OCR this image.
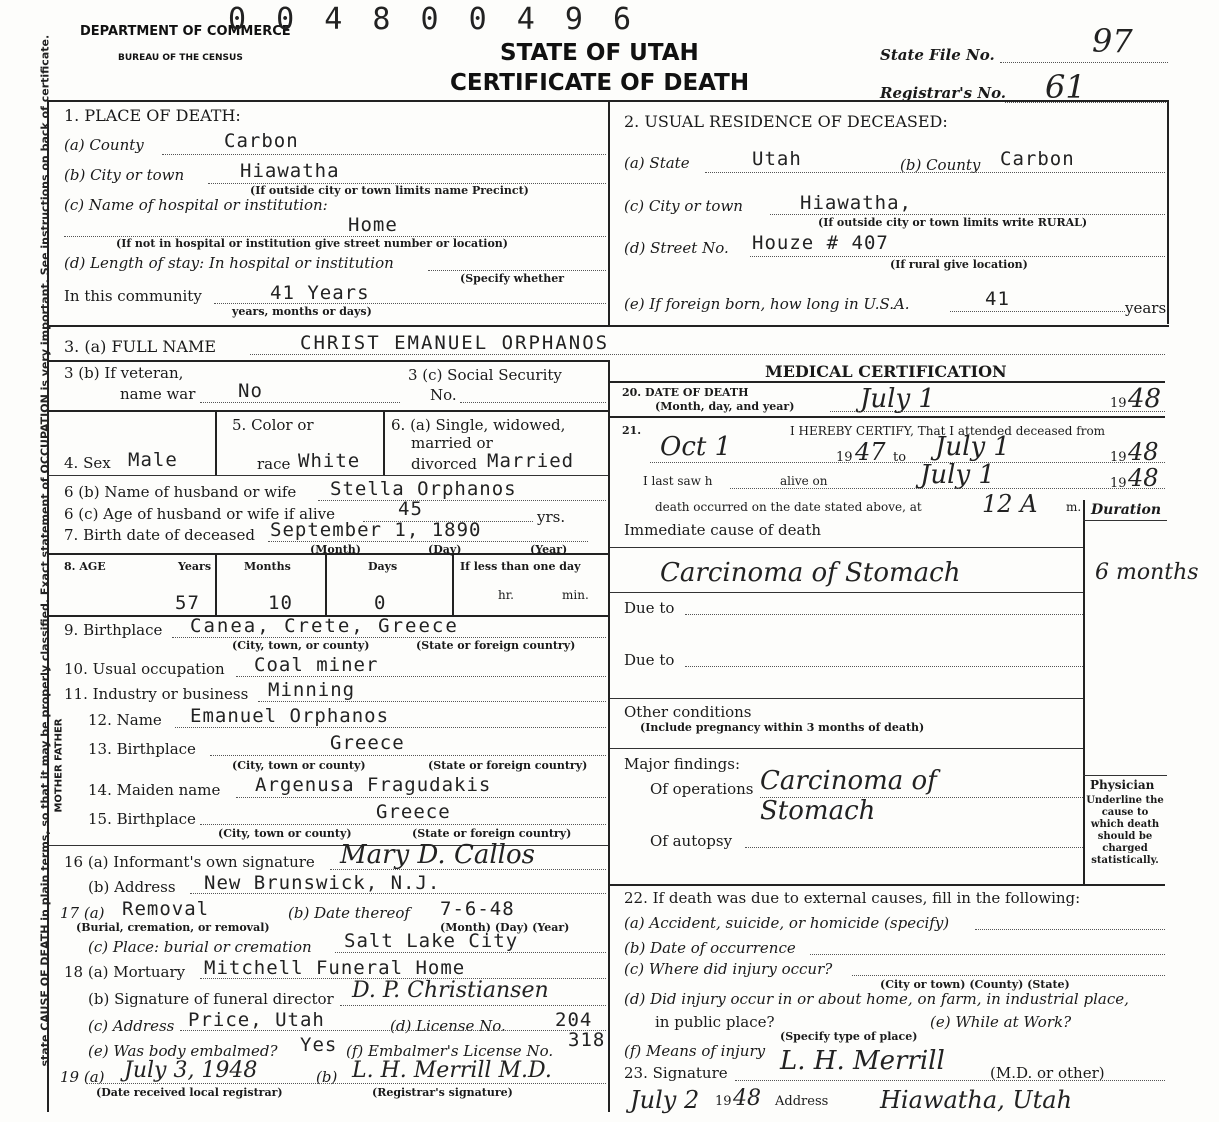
state CAUSE OF DEATH in plain terms, so that it may be properly classified. Exact statement of OCCUPATION is very important. See instructions on back of certificate.
DEPARTMENT OF COMMERCE
BUREAU OF THE CENSUS
0 0 4 8 0 0 4 9 6
STATE OF UTAH
CERTIFICATE OF DEATH
State File No.	97
Registrar's No. 61
1. PLACE OF DEATH:
(a) County	Carbon
(b) City or town	Hiawatha
(If outside city or town limits name Precinct)
(c) Name of hospital or institution:
Home
(If not in hospital or institution give street number or location)
(d) Length of stay: In hospital or institution
(Specify whether
In this community	41 Years
years, months or days)
2. USUAL RESIDENCE OF DECEASED:
(a) State	Utah	(b) County Carbon
(c) City or town	Hiawatha,
(If outside city or town limits write RURAL)
(d) Street No. Houze # 407
(If rural give location)
(e) If foreign born, how long in U.S.A.	41	years
3. (a) FULL NAME	CHRIST EMANUEL ORPHANOS
3 (b) If veteran,
name war No
3 (c) Social Security
No.
MEDICAL CERTIFICATION
4. Sex Male
5. Color or
race White
6. (a) Single, widowed,
married or
divorced Married
6 (b) Name of husband or wife Stella Orphanos
6 (c) Age of husband or wife if alive	45	yrs.
7. Birth date of deceased September 1, 1890
(Month)	(Day)	(Year)
8. AGE	Years	Months	Days	If less than one day
57	10	0	hr.	min.
9. Birthplace Canea, Crete, Greece
(City, town, or county)	(State or foreign country)
10. Usual occupation Coal miner
11. Industry or business Minning
MOTHER FATHER 12. Name Emanuel Orphanos
13. Birthplace	Greece
(City, town or county)	(State or foreign country)
14. Maiden name Argenusa Fragudakis
15. Birthplace	Greece
(City, town or county)	(State or foreign country)
16 (a) Informant's own signature Mary D. Callos
(b) Address New Brunswick, N.J.
17 (a) Removal
(Burial, cremation, or removal)
(b) Date thereof 7-6-48
(Month) (Day) (Year)
(c) Place: burial or cremation Salt Lake City
18 (a) Mortuary Mitchell Funeral Home
(b) Signature of funeral director D. P. Christiansen
(c) Address Price, Utah	(d) License No.	204
(e) Was body embalmed? Yes (f) Embalmer's License No. 318
19 (a) July 3, 1948	(b) L. H. Merrill M.D.
(Date received local registrar)	(Registrar's signature)
20. DATE OF DEATH
(Month, day, and year)	July 1	19 48
21.	I HEREBY CERTIFY, That I attended deceased from
Oct 1	19 47 to July 1	19 48
I last saw h	alive on	July 1	19 48
death occurred on the date stated above, at	12 A m. Duration
Immediate cause of death
Carcinoma of Stomach	6 months
Due to
Due to
Other conditions
(Include pregnancy within 3 months of death)
Major findings:
Of operations Carcinoma of Stomach
Of autopsy
Physician
Underline the cause to which death should be charged statistically.
22. If death was due to external causes, fill in the following:
(a) Accident, suicide, or homicide (specify)
(b) Date of occurrence
(c) Where did injury occur?
(City or town) (County) (State)
(d) Did injury occur in or about home, on farm, in industrial place,
in public place?
(Specify type of place)
(e) While at Work?
(f) Means of injury
23. Signature L. H. Merrill	(M.D. or other)
July 2 19 48 Address Hiawatha, Utah
